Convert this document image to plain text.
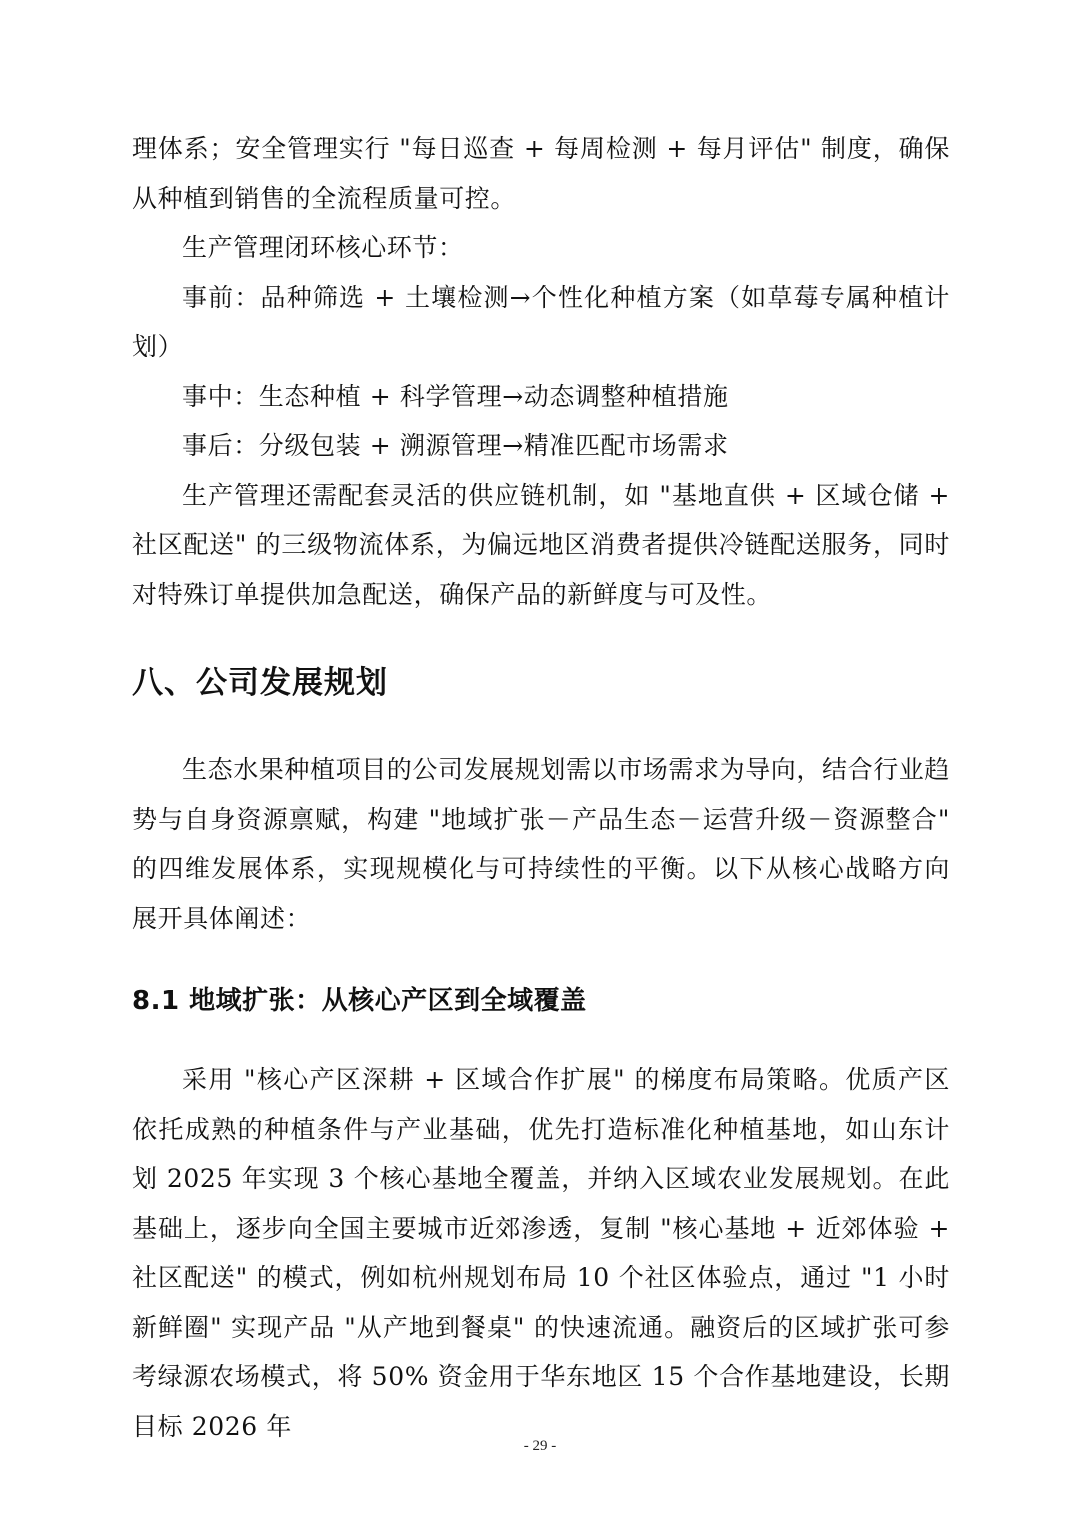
理体系；安全管理实行 "每日巡查 + 每周检测 + 每月评估" 制度，确保从种植到销售的全流程质量可控。

生产管理闭环核心环节：

事前：品种筛选 + 土壤检测→个性化种植方案（如草莓专属种植计划）

事中：生态种植 + 科学管理→动态调整种植措施

事后：分级包装 + 溯源管理→精准匹配市场需求

生产管理还需配套灵活的供应链机制，如 "基地直供 + 区域仓储 + 社区配送" 的三级物流体系，为偏远地区消费者提供冷链配送服务，同时对特殊订单提供加急配送，确保产品的新鲜度与可及性。

八、公司发展规划

生态水果种植项目的公司发展规划需以市场需求为导向，结合行业趋势与自身资源禀赋，构建 "地域扩张－产品生态－运营升级－资源整合" 的四维发展体系，实现规模化与可持续性的平衡。以下从核心战略方向展开具体阐述：

8.1 地域扩张：从核心产区到全域覆盖

采用 "核心产区深耕 + 区域合作扩展" 的梯度布局策略。优质产区依托成熟的种植条件与产业基础，优先打造标准化种植基地，如山东计划 2025 年实现 3 个核心基地全覆盖，并纳入区域农业发展规划。在此基础上，逐步向全国主要城市近郊渗透，复制 "核心基地 + 近郊体验 + 社区配送" 的模式，例如杭州规划布局 10 个社区体验点，通过 "1 小时新鲜圈" 实现产品 "从产地到餐桌" 的快速流通。融资后的区域扩张可参考绿源农场模式，将 50% 资金用于华东地区 15 个合作基地建设，长期目标 2026 年

- 29 -
